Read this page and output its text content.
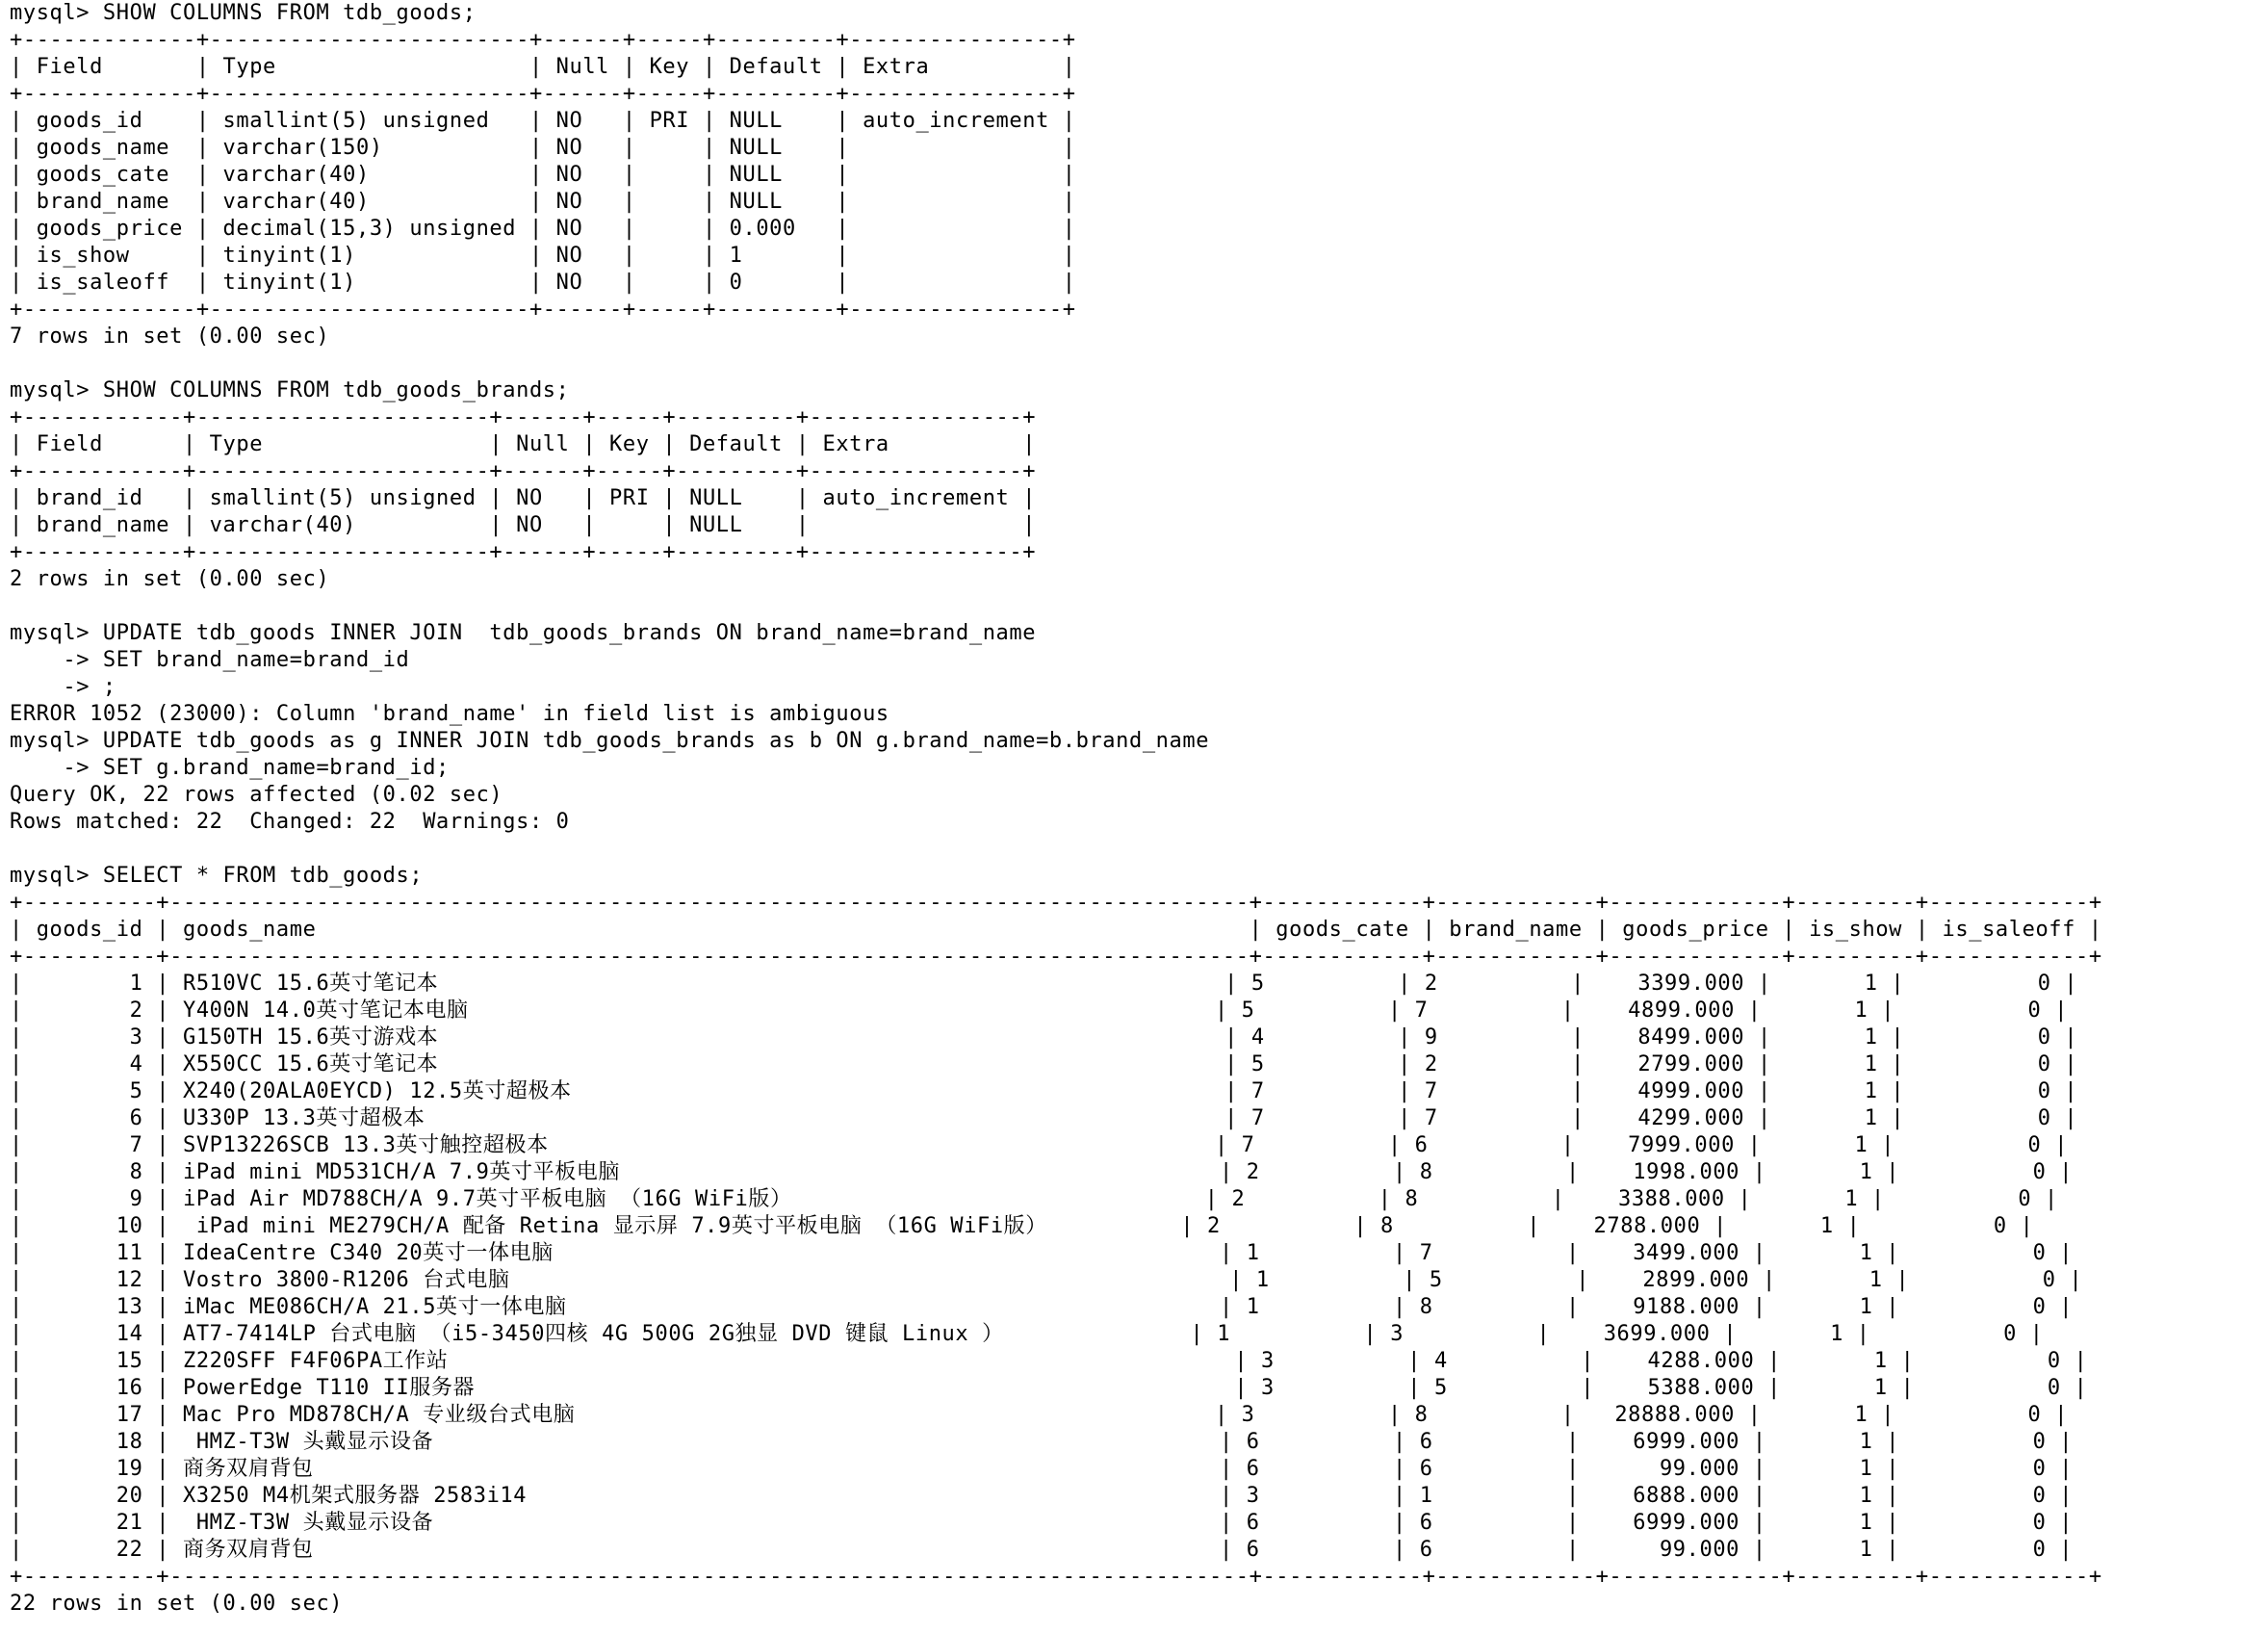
mysql> SHOW COLUMNS FROM tdb_goods;
+-------------+------------------------+------+-----+---------+----------------+
| Field       | Type                   | Null | Key | Default | Extra          |
+-------------+------------------------+------+-----+---------+----------------+
| goods_id    | smallint(5) unsigned   | NO   | PRI | NULL    | auto_increment |
| goods_name  | varchar(150)           | NO   |     | NULL    |                |
| goods_cate  | varchar(40)            | NO   |     | NULL    |                |
| brand_name  | varchar(40)            | NO   |     | NULL    |                |
| goods_price | decimal(15,3) unsigned | NO   |     | 0.000   |                |
| is_show     | tinyint(1)             | NO   |     | 1       |                |
| is_saleoff  | tinyint(1)             | NO   |     | 0       |                |
+-------------+------------------------+------+-----+---------+----------------+
7 rows in set (0.00 sec)
mysql> SHOW COLUMNS FROM tdb_goods_brands;
+------------+----------------------+------+-----+---------+----------------+
| Field      | Type                 | Null | Key | Default | Extra          |
+------------+----------------------+------+-----+---------+----------------+
| brand_id   | smallint(5) unsigned | NO   | PRI | NULL    | auto_increment |
| brand_name | varchar(40)          | NO   |     | NULL    |                |
+------------+----------------------+------+-----+---------+----------------+
2 rows in set (0.00 sec)
mysql> UPDATE tdb_goods INNER JOIN  tdb_goods_brands ON brand_name=brand_name
-> SET brand_name=brand_id
-> ;
ERROR 1052 (23000): Column 'brand_name' in field list is ambiguous
mysql> UPDATE tdb_goods as g INNER JOIN tdb_goods_brands as b ON g.brand_name=b.brand_name
-> SET g.brand_name=brand_id;
Query OK, 22 rows affected (0.02 sec)
Rows matched: 22  Changed: 22  Warnings: 0
mysql> SELECT * FROM tdb_goods;
+----------+---------------------------------------------------------------------------------+------------+------------+-------------+---------+------------+
| goods_id | goods_name                                                                      | goods_cate | brand_name | goods_price | is_show | is_saleoff |
+----------+---------------------------------------------------------------------------------+------------+------------+-------------+---------+------------+
|        1 | R510VC 15.6英寸笔记本                                                           | 5          | 2          |    3399.000 |       1 |          0 |
|        2 | Y400N 14.0英寸笔记本电脑                                                        | 5          | 7          |    4899.000 |       1 |          0 |
|        3 | G150TH 15.6英寸游戏本                                                           | 4          | 9          |    8499.000 |       1 |          0 |
|        4 | X550CC 15.6英寸笔记本                                                           | 5          | 2          |    2799.000 |       1 |          0 |
|        5 | X240(20ALA0EYCD) 12.5英寸超极本                                                 | 7          | 7          |    4999.000 |       1 |          0 |
|        6 | U330P 13.3英寸超极本                                                            | 7          | 7          |    4299.000 |       1 |          0 |
|        7 | SVP13226SCB 13.3英寸触控超极本                                                  | 7          | 6          |    7999.000 |       1 |          0 |
|        8 | iPad mini MD531CH/A 7.9英寸平板电脑                                             | 2          | 8          |    1998.000 |       1 |          0 |
|        9 | iPad Air MD788CH/A 9.7英寸平板电脑 （16G WiFi版）                               | 2          | 8          |    3388.000 |       1 |          0 |
|       10 |  iPad mini ME279CH/A 配备 Retina 显示屏 7.9英寸平板电脑 （16G WiFi版）          | 2          | 8          |    2788.000 |       1 |          0 |
|       11 | IdeaCentre C340 20英寸一体电脑                                                  | 1          | 7          |    3499.000 |       1 |          0 |
|       12 | Vostro 3800-R1206 台式电脑                                                      | 1          | 5          |    2899.000 |       1 |          0 |
|       13 | iMac ME086CH/A 21.5英寸一体电脑                                                 | 1          | 8          |    9188.000 |       1 |          0 |
|       14 | AT7-7414LP 台式电脑 （i5-3450四核 4G 500G 2G独显 DVD 键鼠 Linux ）              | 1          | 3          |    3699.000 |       1 |          0 |
|       15 | Z220SFF F4F06PA工作站                                                           | 3          | 4          |    4288.000 |       1 |          0 |
|       16 | PowerEdge T110 II服务器                                                         | 3          | 5          |    5388.000 |       1 |          0 |
|       17 | Mac Pro MD878CH/A 专业级台式电脑                                                | 3          | 8          |   28888.000 |       1 |          0 |
|       18 |  HMZ-T3W 头戴显示设备                                                           | 6          | 6          |    6999.000 |       1 |          0 |
|       19 | 商务双肩背包                                                                    | 6          | 6          |      99.000 |       1 |          0 |
|       20 | X3250 M4机架式服务器 2583i14                                                    | 3          | 1          |    6888.000 |       1 |          0 |
|       21 |  HMZ-T3W 头戴显示设备                                                           | 6          | 6          |    6999.000 |       1 |          0 |
|       22 | 商务双肩背包                                                                    | 6          | 6          |      99.000 |       1 |          0 |
+----------+---------------------------------------------------------------------------------+------------+------------+-------------+---------+------------+
22 rows in set (0.00 sec)
